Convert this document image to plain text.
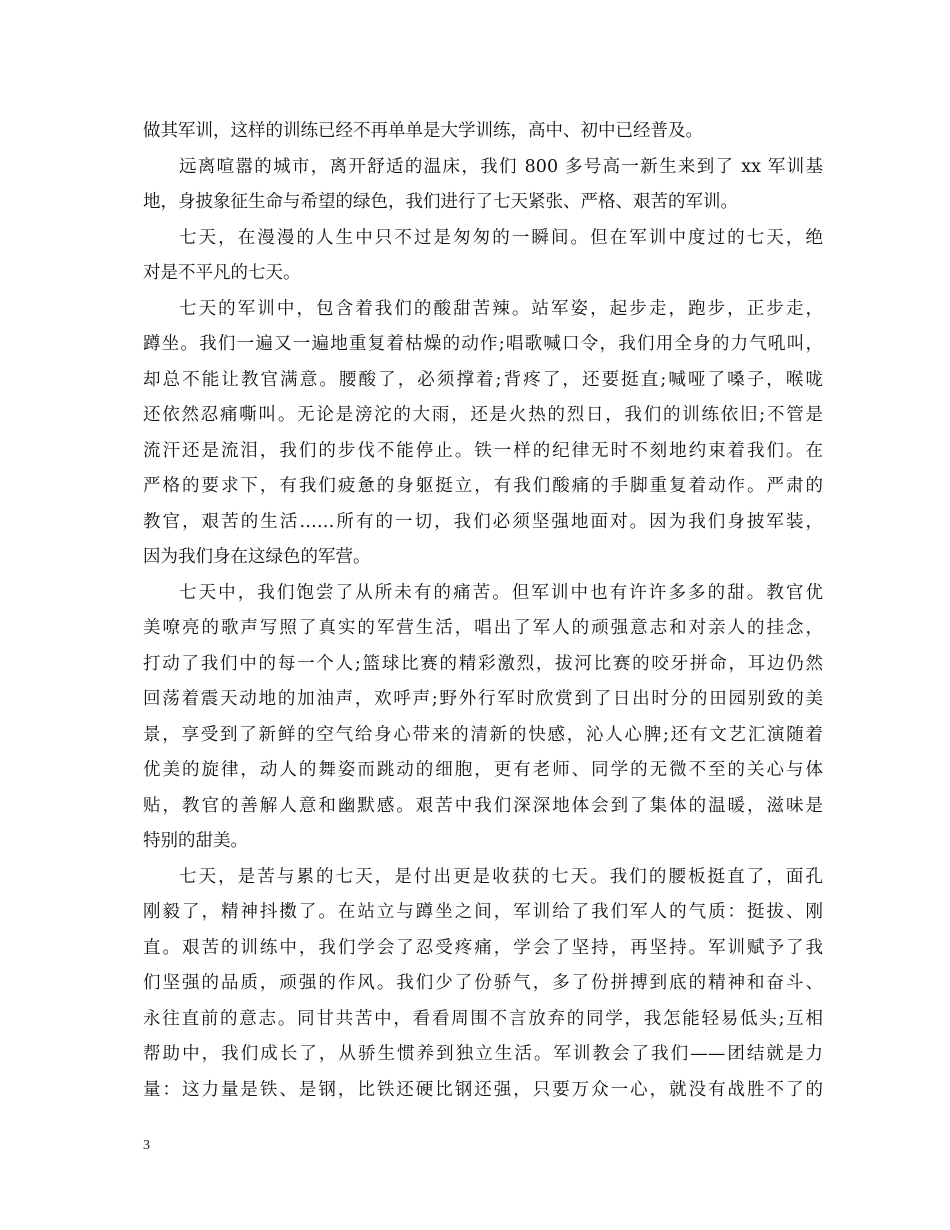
做其军训，这样的训练已经不再单单是大学训练，高中、初中已经普及。
远离喧嚣的城市，离开舒适的温床，我们 800 多号高一新生来到了 xx 军训基
地，身披象征生命与希望的绿色，我们进行了七天紧张、严格、艰苦的军训。
七天，在漫漫的人生中只不过是匆匆的一瞬间。但在军训中度过的七天，绝
对是不平凡的七天。
七天的军训中，包含着我们的酸甜苦辣。站军姿，起步走，跑步，正步走，
蹲坐。我们一遍又一遍地重复着枯燥的动作;唱歌喊口令，我们用全身的力气吼叫，
却总不能让教官满意。腰酸了，必须撑着;背疼了，还要挺直;喊哑了嗓子，喉咙
还依然忍痛嘶叫。无论是滂沱的大雨，还是火热的烈日，我们的训练依旧;不管是
流汗还是流泪，我们的步伐不能停止。铁一样的纪律无时不刻地约束着我们。在
严格的要求下，有我们疲惫的身躯挺立，有我们酸痛的手脚重复着动作。严肃的
教官，艰苦的生活……所有的一切，我们必须坚强地面对。因为我们身披军装，
因为我们身在这绿色的军营。
七天中，我们饱尝了从所未有的痛苦。但军训中也有许许多多的甜。教官优
美嘹亮的歌声写照了真实的军营生活，唱出了军人的顽强意志和对亲人的挂念，
打动了我们中的每一个人;篮球比赛的精彩激烈，拔河比赛的咬牙拼命，耳边仍然
回荡着震天动地的加油声，欢呼声;野外行军时欣赏到了日出时分的田园别致的美
景，享受到了新鲜的空气给身心带来的清新的快感，沁人心脾;还有文艺汇演随着
优美的旋律，动人的舞姿而跳动的细胞，更有老师、同学的无微不至的关心与体
贴，教官的善解人意和幽默感。艰苦中我们深深地体会到了集体的温暖，滋味是
特别的甜美。
七天，是苦与累的七天，是付出更是收获的七天。我们的腰板挺直了，面孔
刚毅了，精神抖擞了。在站立与蹲坐之间，军训给了我们军人的气质：挺拔、刚
直。艰苦的训练中，我们学会了忍受疼痛，学会了坚持，再坚持。军训赋予了我
们坚强的品质，顽强的作风。我们少了份骄气，多了份拼搏到底的精神和奋斗、
永往直前的意志。同甘共苦中，看看周围不言放弃的同学，我怎能轻易低头;互相
帮助中，我们成长了，从骄生惯养到独立生活。军训教会了我们——团结就是力
量：这力量是铁、是钢，比铁还硬比钢还强，只要万众一心，就没有战胜不了的
3
